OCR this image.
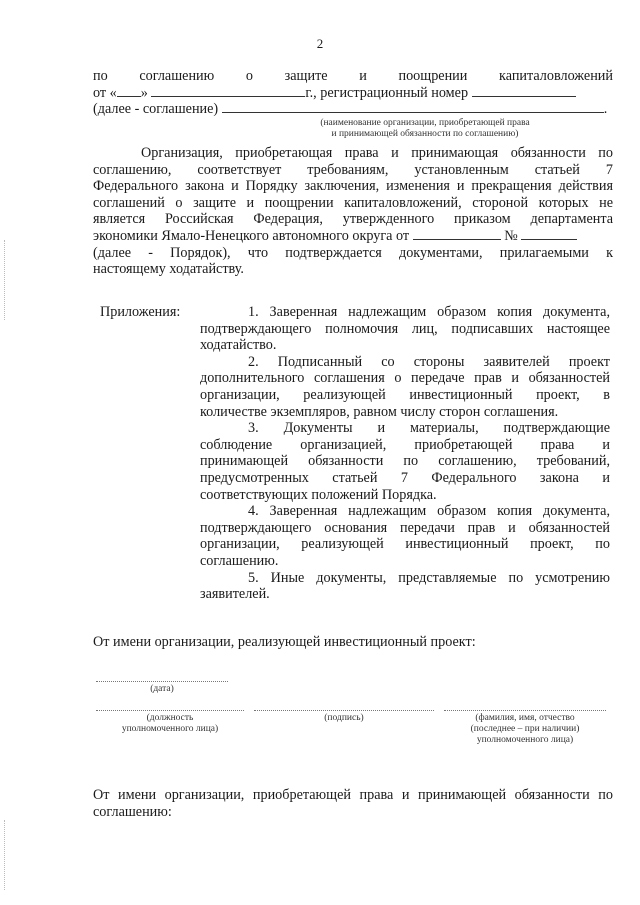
2
по соглашению о защите и поощрении капиталовложений
от « »	г., регистрационный номер
(далее - соглашение)	.
(наименование организации, приобретающей права
и принимающей обязанности по соглашению)
Организация, приобретающая права и принимающая обязанности по
соглашению, соответствует требованиям, установленным статьей 7
Федерального закона и Порядку заключения, изменения и прекращения действия
соглашений о защите и поощрении капиталовложений, стороной которых не
является Российская Федерация, утвержденного приказом департамента
экономики Ямало-Ненецкого автономного округа от	№
(далее - Порядок), что подтверждается документами, прилагаемыми к
настоящему ходатайству.
Приложения:	1. Заверенная надлежащим образом копия документа,
подтверждающего полномочия лиц, подписавших настоящее
ходатайство.
2. Подписанный со стороны заявителей проект
дополнительного соглашения о передаче прав и обязанностей
организации, реализующей инвестиционный проект, в
количестве экземпляров, равном числу сторон соглашения.
3. Документы и материалы, подтверждающие
соблюдение организацией, приобретающей права и
принимающей обязанности по соглашению, требований,
предусмотренных статьей 7 Федерального закона и
соответствующих положений Порядка.
4. Заверенная надлежащим образом копия документа,
подтверждающего основания передачи прав и обязанностей
организации, реализующей инвестиционный проект, по
соглашению.
5. Иные документы, представляемые по усмотрению
заявителей.
От имени организации, реализующей инвестиционный проект:
(дата)
(должность
уполномоченного лица)
(подпись)	(фамилия, имя, отчество
(последнее – при наличии)
уполномоченного лица)
От имени организации, приобретающей права и принимающей обязанности по
соглашению:
